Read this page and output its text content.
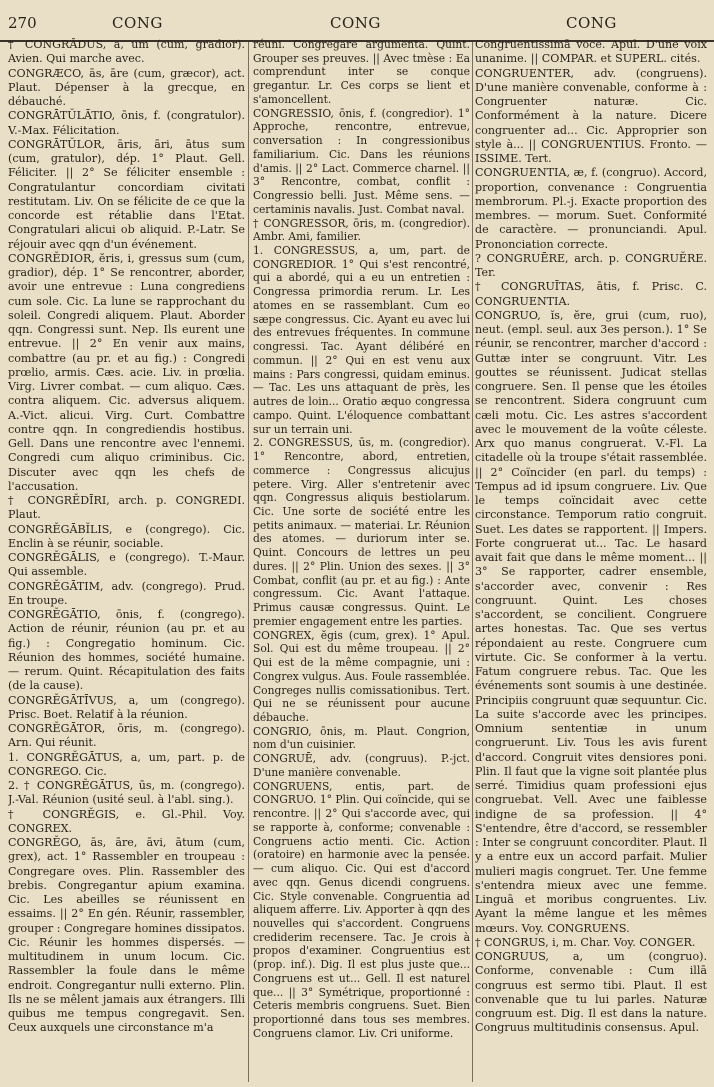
270	CONG	CONG	CONG

† CONGRĂDUS, a, um (cum, gradior). Avien. Qui marche avec.

CONGRÆCO, ās, āre (cum, græcor), act. Plaut. Dépenser à la grecque, en débauché.

CONGRĀTŬLĀTIO, ōnis, f. (congratulor). V.-Max. Félicitation.

CONGRĀTŬLOR, āris, āri, ātus sum (cum, gratulor), dép. 1° Plaut. Gell. Féliciter. || 2° Se féliciter ensemble : Congratulantur concordiam civitati restitutam. Liv. On se félicite de ce que la concorde est rétablie dans l'Etat. Congratulari alicui ob aliquid. P.-Latr. Se réjouir avec qqn d'un événement.

CONGRĔDIOR, ĕris, i, gressus sum (cum, gradior), dép. 1° Se rencontrer, aborder, avoir une entrevue : Luna congrediens cum sole. Cic. La lune se rapprochant du soleil. Congredi aliquem. Plaut. Aborder qqn. Congressi sunt. Nep. Ils eurent une entrevue. || 2° En venir aux mains, combattre (au pr. et au fig.) : Congredi prœlio, armis. Cæs. acie. Liv. in prœlia. Virg. Livrer combat. — cum aliquo. Cæs. contra aliquem. Cic. adversus aliquem. A.-Vict. alicui. Virg. Curt. Combattre contre qqn. In congrediendis hostibus. Gell. Dans une rencontre avec l'ennemi. Congredi cum aliquo criminibus. Cic. Discuter avec qqn les chefs de l'accusation.

† CONGRĔDĪRI, arch. p. CONGREDI. Plaut.

CONGRĔGĀBĬLIS, e (congrego). Cic. Enclin à se réunir, sociable.

CONGRĔGĀLIS, e (congrego). T.-Maur. Qui assemble.

CONGRĔGĀTIM, adv. (congrego). Prud. En troupe.

CONGRĔGĀTIO, ōnis, f. (congrego). Action de réunir, réunion (au pr. et au fig.) : Congregatio hominum. Cic. Réunion des hommes, société humaine. — rerum. Quint. Récapitulation des faits (de la cause).

CONGRĔGĀTĪVUS, a, um (congrego). Prisc. Boet. Relatif à la réunion.

CONGRĔGĀTOR, ōris, m. (congrego). Arn. Qui réunit.

1. CONGRĔGĀTUS, a, um, part. p. de CONGREGO. Cic.

2. † CONGRĔGĀTUS, ūs, m. (congrego). J.-Val. Réunion (usité seul. à l'abl. sing.).

† CONGRĔGIS, e. Gl.-Phil. Voy. CONGREX.

CONGRĔGO, ās, āre, āvi, ātum (cum, grex), act. 1° Rassembler en troupeau : Congregare oves. Plin. Rassembler des brebis. Congregantur apium examina. Cic. Les abeilles se réunissent en essaims. || 2° En gén. Réunir, rassembler, grouper : Congregare homines dissipatos. Cic. Réunir les hommes dispersés. — multitudinem in unum locum. Cic. Rassembler la foule dans le même endroit. Congregantur nulli externo. Plin. Ils ne se mêlent jamais aux étrangers. Illi quibus me tempus congregavit. Sen. Ceux auxquels une circonstance m'a

réuni. Congregare argumenta. Quint. Grouper ses preuves. || Avec tmèse : Ea comprendunt inter se conque gregantur. Lr. Ces corps se lient et s'amoncellent.

CONGRESSIO, ōnis, f. (congredior). 1° Approche, rencontre, entrevue, conversation : In congressionibus familiarium. Cic. Dans les réunions d'amis. || 2° Lact. Commerce charnel. || 3° Rencontre, combat, conflit : Congressio belli. Just. Même sens. — certaminis navalis. Just. Combat naval.

† CONGRESSOR, ōris, m. (congredior). Ambr. Ami, familier.

1. CONGRESSUS, a, um, part. de CONGREDIOR. 1° Qui s'est rencontré, qui a abordé, qui a eu un entretien : Congressa primordia rerum. Lr. Les atomes en se rassemblant. Cum eo sæpe congressus. Cic. Ayant eu avec lui des entrevues fréquentes. In commune congressi. Tac. Ayant délibéré en commun. || 2° Qui en est venu aux mains : Pars congressi, quidam eminus. — Tac. Les uns attaquant de près, les autres de loin... Oratio æquo congressa campo. Quint. L'éloquence combattant sur un terrain uni.

2. CONGRESSUS, ūs, m. (congredior). 1° Rencontre, abord, entretien, commerce : Congressus alicujus petere. Virg. Aller s'entretenir avec qqn. Congressus aliquis bestiolarum. Cic. Une sorte de société entre les petits animaux. — materiai. Lr. Réunion des atomes. — duriorum inter se. Quint. Concours de lettres un peu dures. || 2° Plin. Union des sexes. || 3° Combat, conflit (au pr. et au fig.) : Ante congressum. Cic. Avant l'attaque. Primus causæ congressus. Quint. Le premier engagement entre les parties.

CONGREX, ĕgis (cum, grex). 1° Apul. Sol. Qui est du même troupeau. || 2° Qui est de la même compagnie, uni : Congrex vulgus. Aus. Foule rassemblée. Congreges nullis comissationibus. Tert. Qui ne se réunissent pour aucune débauche.

CONGRIO, ōnis, m. Plaut. Congrion, nom d'un cuisinier.

CONGRUĒ, adv. (congruus). P.-jct. D'une manière convenable.

CONGRUENS, entis, part. de CONGRUO. 1° Plin. Qui coïncide, qui se rencontre. || 2° Qui s'accorde avec, qui se rapporte à, conforme; convenable : Congruens actio menti. Cic. Action (oratoire) en harmonie avec la pensée. — cum aliquo. Cic. Qui est d'accord avec qqn. Genus dicendi congruens. Cic. Style convenable. Congruentia ad aliquem afferre. Liv. Apporter à qqn des nouvelles qui s'accordent. Congruens crediderim recensere. Tac. Je crois à propos d'examiner. Congruentius est (prop. inf.). Dig. Il est plus juste que... Congruens est ut... Gell. Il est naturel que... || 3° Symétrique, proportionné : Ceteris membris congruens. Suet. Bien proportionné dans tous ses membres. Congruens clamor. Liv. Cri uniforme.

Congruentissimā voce. Apul. D'une voix unanime. || COMPAR. et SUPERL. cités.

CONGRUENTER, adv. (congruens). D'une manière convenable, conforme à : Congruenter naturæ. Cic. Conformément à la nature. Dicere congruenter ad... Cic. Approprier son style à... || CONGRUENTIUS. Fronto. — ISSIME. Tert.

CONGRUENTIA, æ, f. (congruo). Accord, proportion, convenance : Congruentia membrorum. Pl.-j. Exacte proportion des membres. — morum. Suet. Conformité de caractère. — pronunciandi. Apul. Prononciation correcte.

? CONGRUĒRE, arch. p. CONGRUĔRE. Ter.

† CONGRUĪTAS, ātis, f. Prisc. C. CONGRUENTIA.

CONGRUO, ĭs, ĕre, grui (cum, ruo), neut. (empl. seul. aux 3es person.). 1° Se réunir, se rencontrer, marcher d'accord : Guttæ inter se congruunt. Vitr. Les gouttes se réunissent. Judicat stellas congruere. Sen. Il pense que les étoiles se rencontrent. Sidera congruunt cum cæli motu. Cic. Les astres s'accordent avec le mouvement de la voûte céleste. Arx quo manus congruerat. V.-Fl. La citadelle où la troupe s'était rassemblée. || 2° Coïncider (en parl. du temps) : Tempus ad id ipsum congruere. Liv. Que le temps coïncidait avec cette circonstance. Temporum ratio congruit. Suet. Les dates se rapportent. || Impers. Forte congruerat ut... Tac. Le hasard avait fait que dans le même moment... || 3° Se rapporter, cadrer ensemble, s'accorder avec, convenir : Res congruunt. Quint. Les choses s'accordent, se concilient. Congruere artes honestas. Tac. Que ses vertus répondaient au reste. Congruere cum virtute. Cic. Se conformer à la vertu. Fatum congruere rebus. Tac. Que les événements sont soumis à une destinée. Principiis congruunt quæ sequuntur. Cic. La suite s'accorde avec les principes. Omnium sententiæ in unum congruerunt. Liv. Tous les avis furent d'accord. Congruit vites densiores poni. Plin. Il faut que la vigne soit plantée plus serré. Timidius quam professioni ejus congruebat. Vell. Avec une faiblesse indigne de sa profession. || 4° S'entendre, être d'accord, se ressembler : Inter se congruunt concorditer. Plaut. Il y a entre eux un accord parfait. Mulier mulieri magis congruet. Ter. Une femme s'entendra mieux avec une femme. Linguā et moribus congruentes. Liv. Ayant la même langue et les mêmes mœurs. Voy. CONGRUENS.

† CONGRUS, i, m. Char. Voy. CONGER.

CONGRUUS, a, um (congruo). Conforme, convenable : Cum illā congruus est sermo tibi. Plaut. Il est convenable que tu lui parles. Naturæ congruum est. Dig. Il est dans la nature. Congruus multitudinis consensus. Apul.
